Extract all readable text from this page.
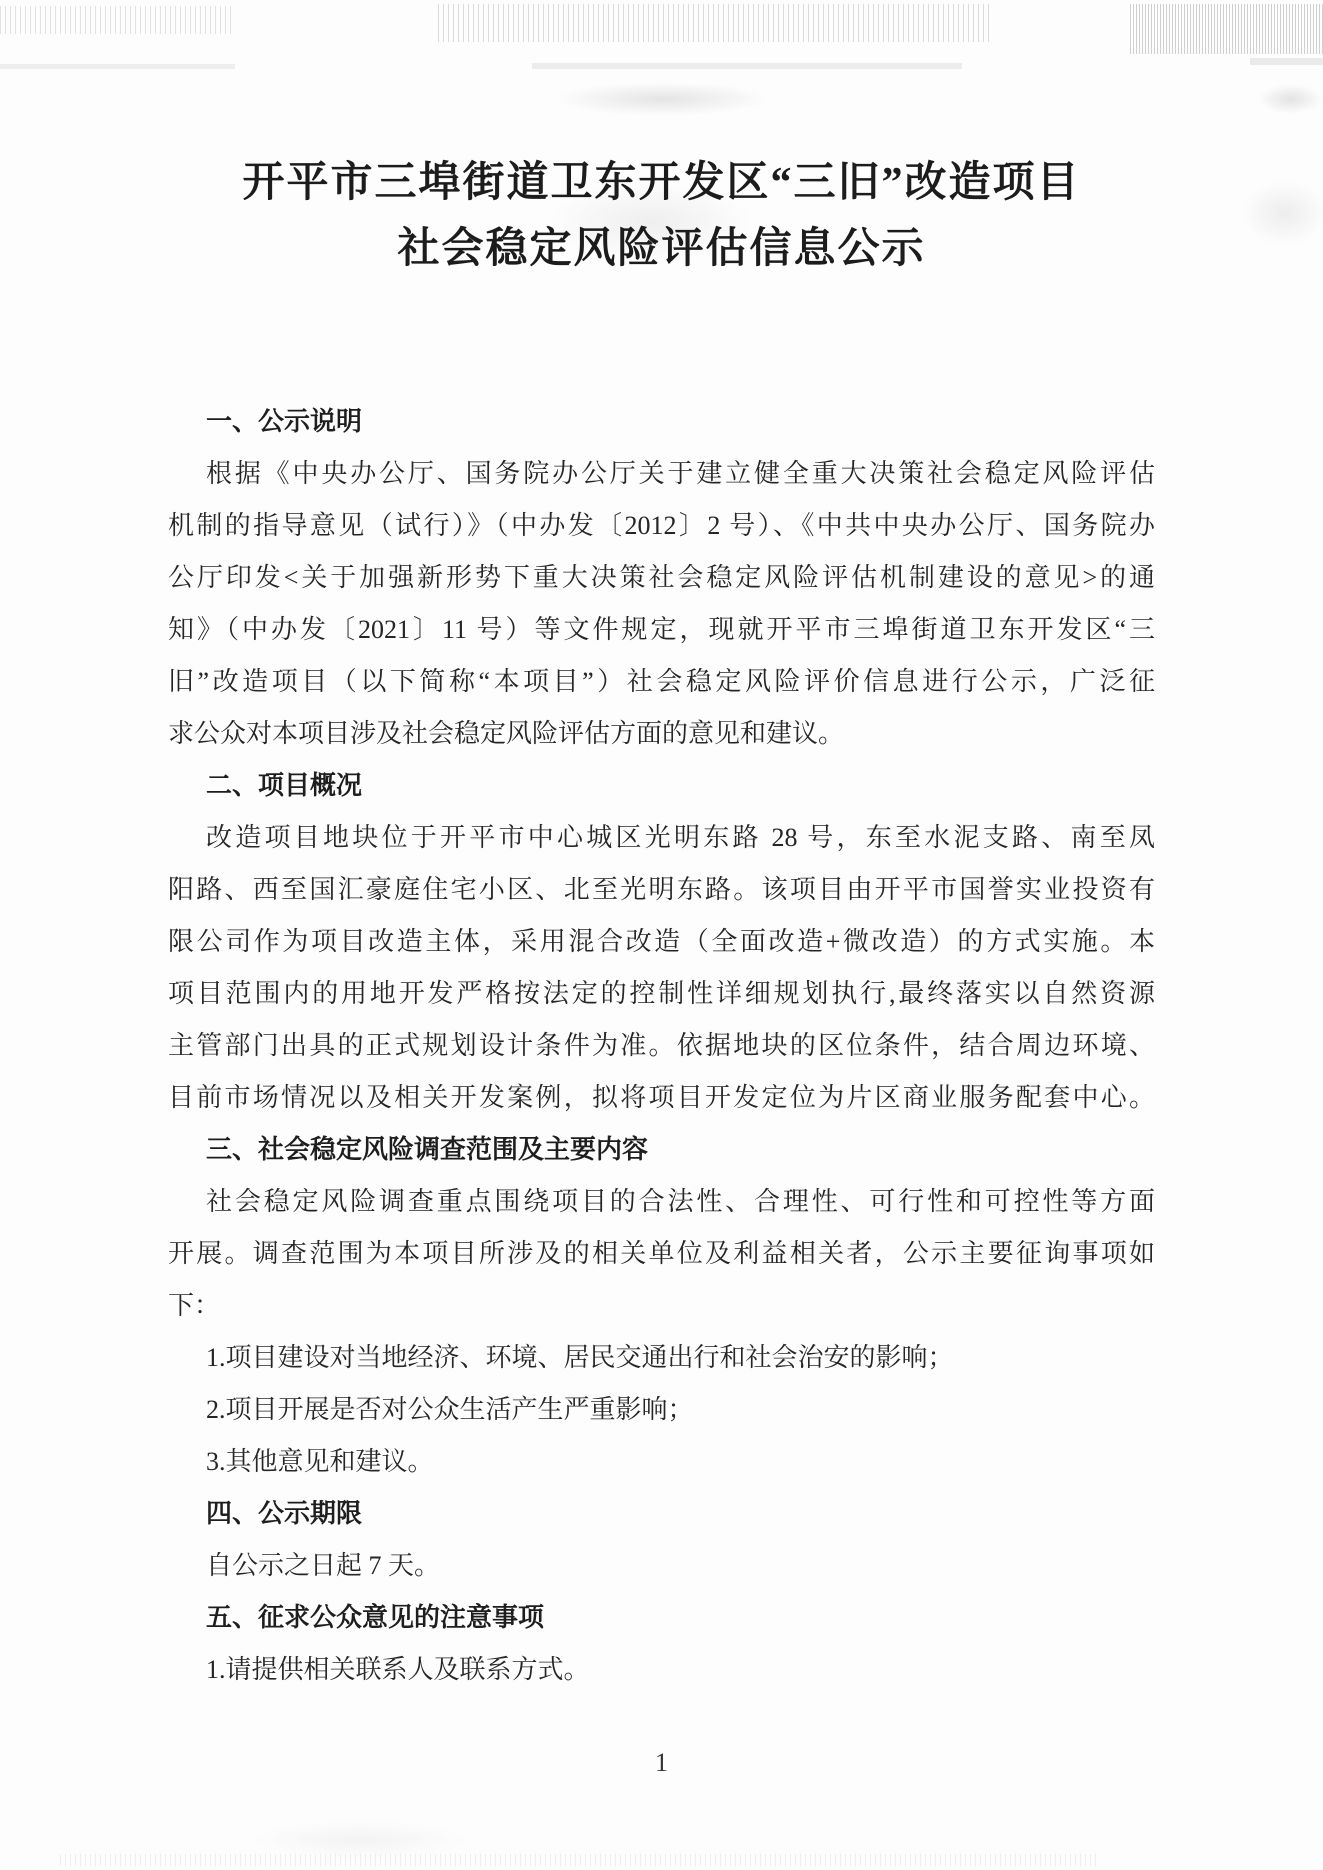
开平市三埠街道卫东开发区“三旧”改造项目
社会稳定风险评估信息公示
一、公示说明
根据《中央办公厅、国务院办公厅关于建立健全重大决策社会稳定风险评估
机制的指导意见（试行）》（中办发〔2012〕2 号）、《中共中央办公厅、国务院办
公厅印发<关于加强新形势下重大决策社会稳定风险评估机制建设的意见>的通
知》（中办发〔2021〕11 号）等文件规定，现就开平市三埠街道卫东开发区“三
旧”改造项目（以下简称“本项目”）社会稳定风险评价信息进行公示，广泛征
求公众对本项目涉及社会稳定风险评估方面的意见和建议。
二、项目概况
改造项目地块位于开平市中心城区光明东路 28 号，东至水泥支路、南至凤
阳路、西至国汇豪庭住宅小区、北至光明东路。该项目由开平市国誉实业投资有
限公司作为项目改造主体，采用混合改造（全面改造+微改造）的方式实施。本
项目范围内的用地开发严格按法定的控制性详细规划执行,最终落实以自然资源
主管部门出具的正式规划设计条件为准。依据地块的区位条件，结合周边环境、
目前市场情况以及相关开发案例，拟将项目开发定位为片区商业服务配套中心。
三、社会稳定风险调查范围及主要内容
社会稳定风险调查重点围绕项目的合法性、合理性、可行性和可控性等方面
开展。调查范围为本项目所涉及的相关单位及利益相关者，公示主要征询事项如
下：
1.项目建设对当地经济、环境、居民交通出行和社会治安的影响；
2.项目开展是否对公众生活产生严重影响；
3.其他意见和建议。
四、公示期限
自公示之日起 7 天。
五、征求公众意见的注意事项
1.请提供相关联系人及联系方式。
1
